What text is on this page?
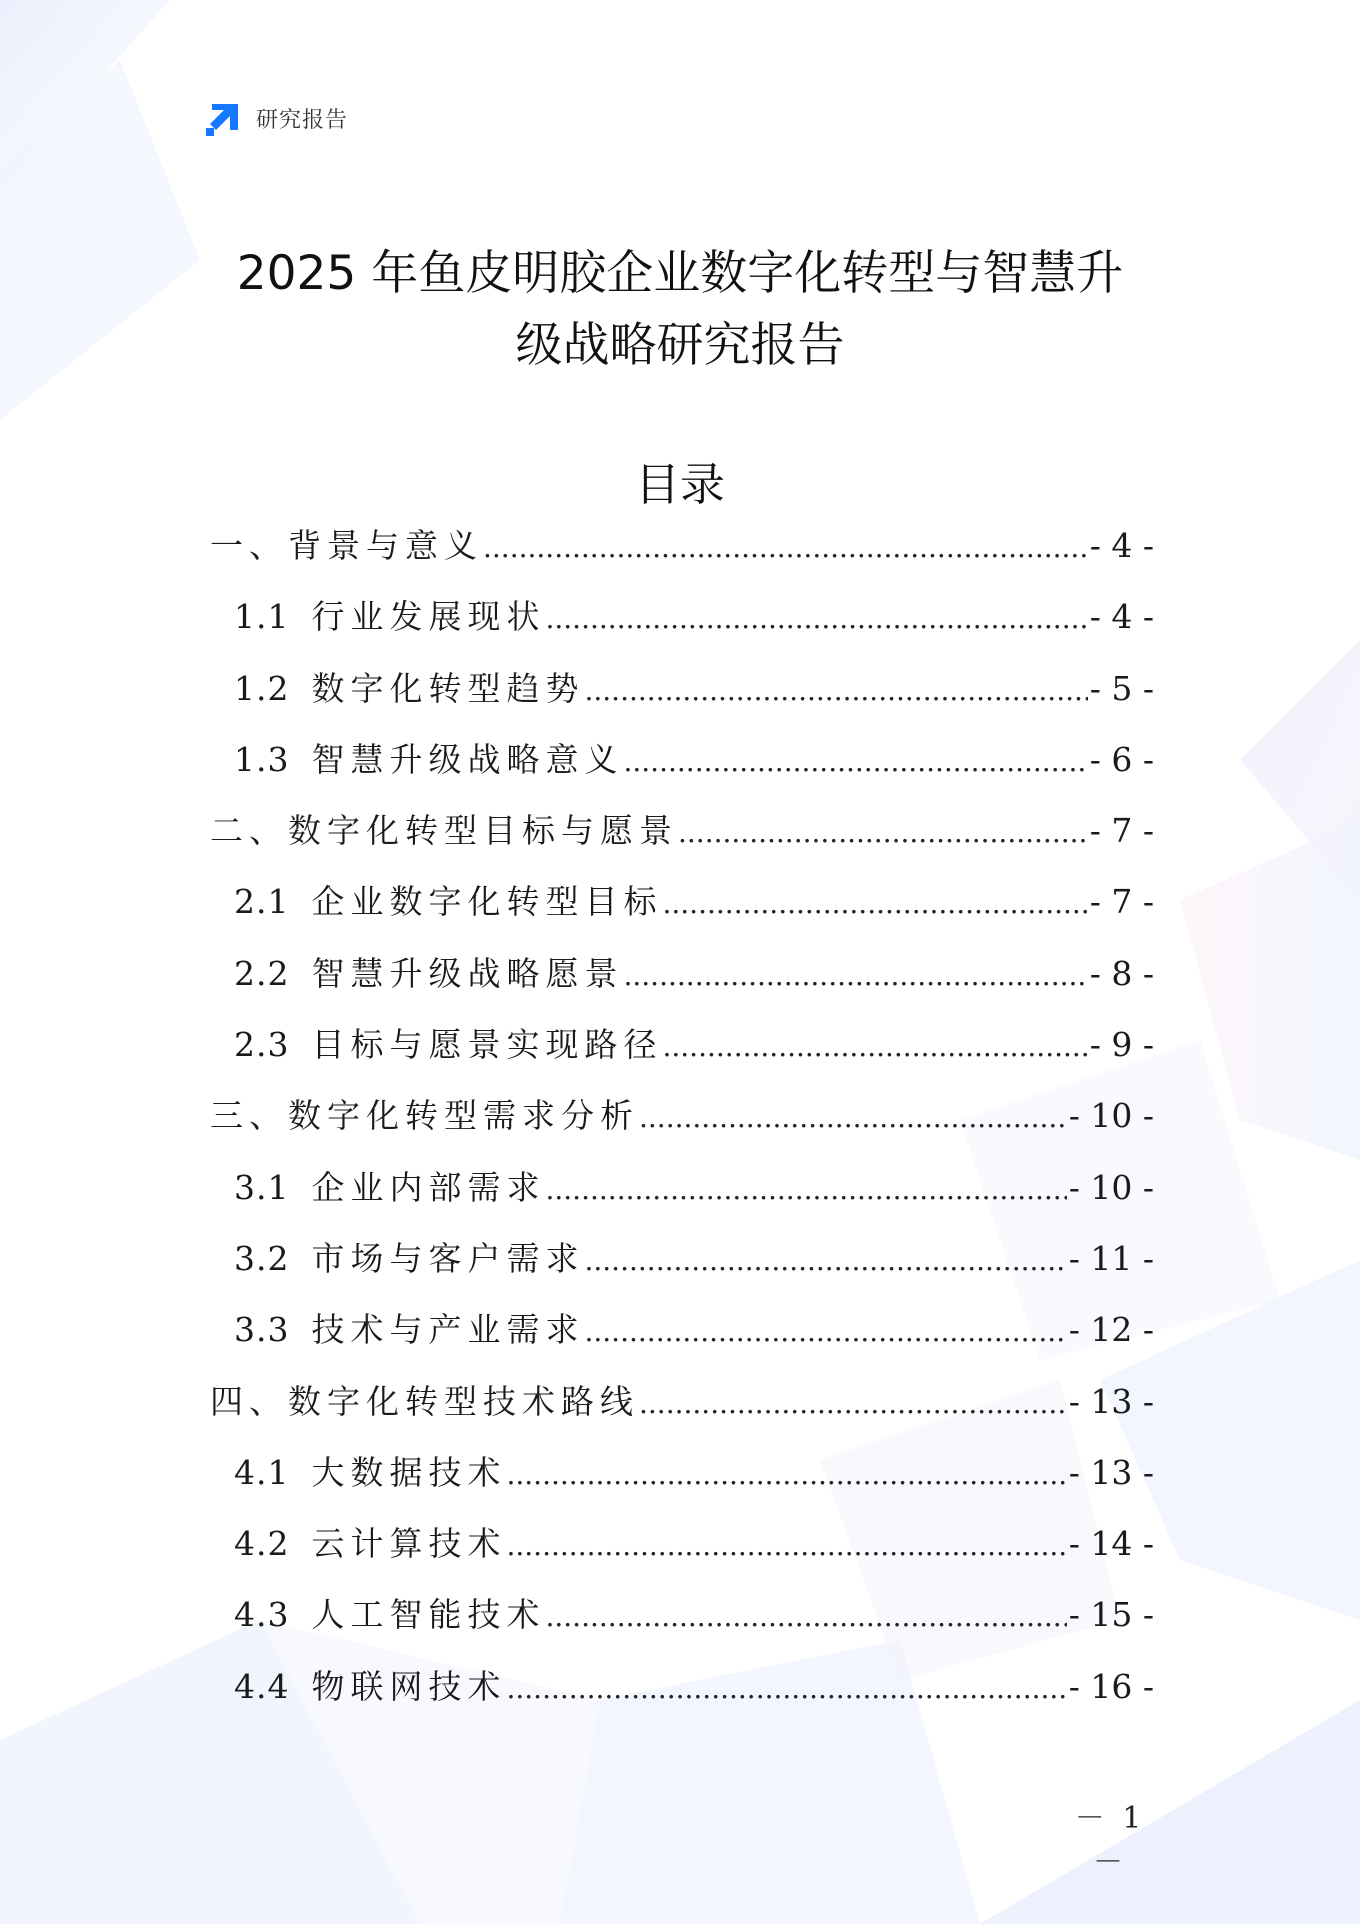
研究报告
2025 年鱼皮明胶企业数字化转型与智慧升
级战略研究报告
目录
一、背景与意义 .....	- 4 -
1.1 行业发展现状 .....	- 4 -
1.2 数字化转型趋势 .....	- 5 -
1.3 智慧升级战略意义 .....	- 6 -
二、数字化转型目标与愿景 .....	- 7 -
2.1 企业数字化转型目标 .....	- 7 -
2.2 智慧升级战略愿景 .....	- 8 -
2.3 目标与愿景实现路径 .....	- 9 -
三、数字化转型需求分析 .....	- 10 -
3.1 企业内部需求 .....	- 10 -
3.2 市场与客户需求 .....	- 11 -
3.3 技术与产业需求 .....	- 12 -
四、数字化转型技术路线 .....	- 13 -
4.1 大数据技术 .....	- 13 -
4.2 云计算技术 .....	- 14 -
4.3 人工智能技术 .....	- 15 -
4.4 物联网技术 .....	- 16 -
－ 1 －
